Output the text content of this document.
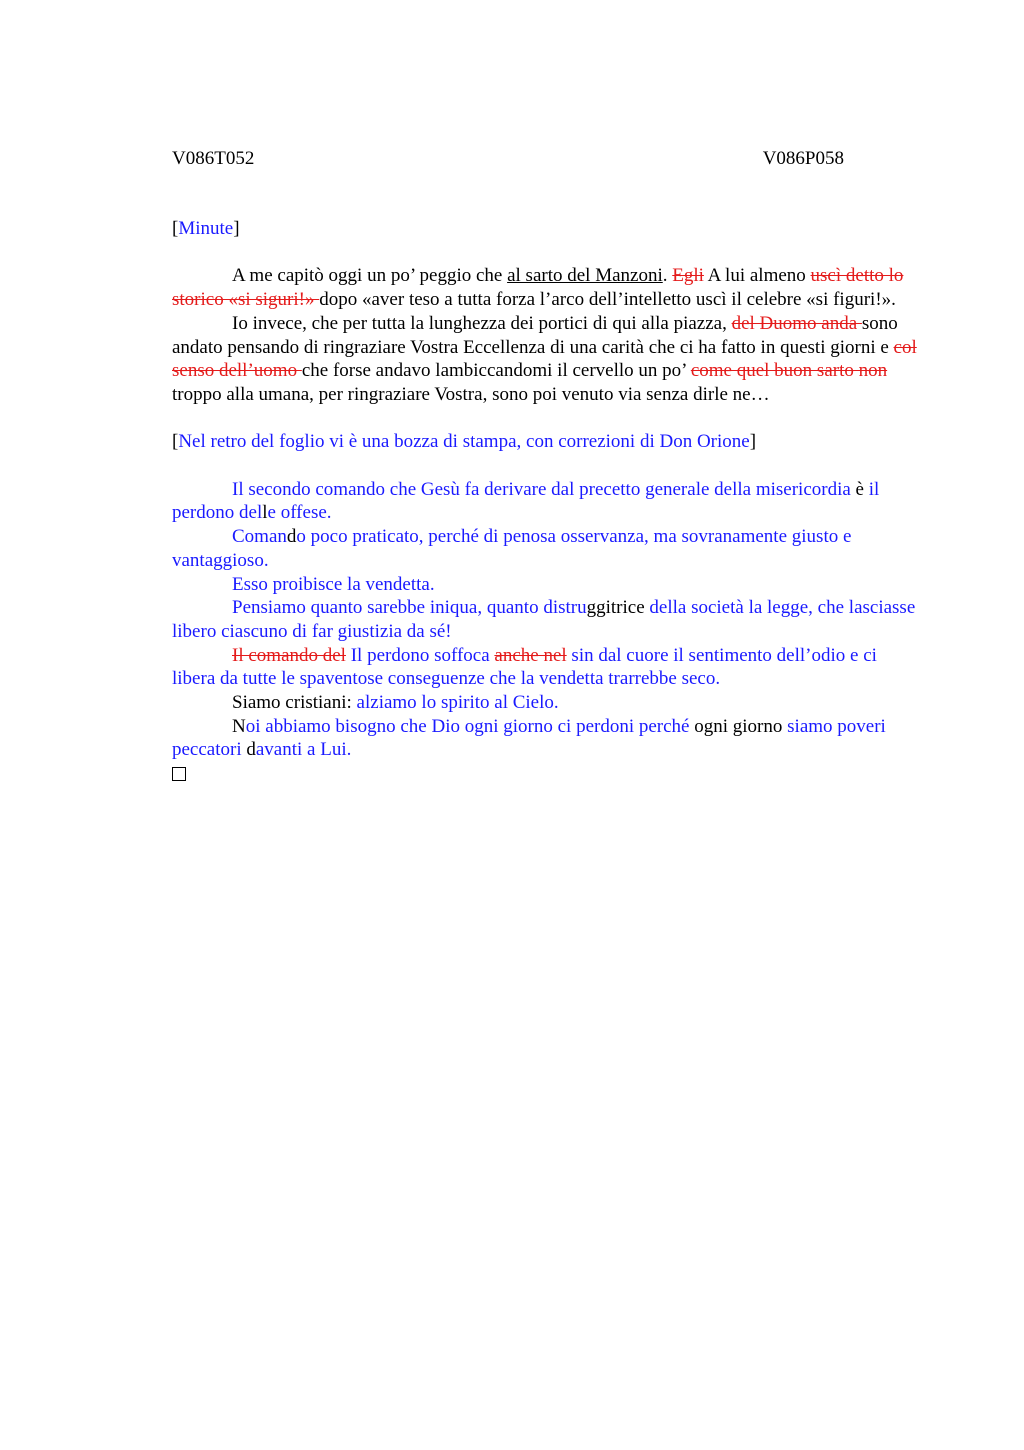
V086T052	V086P058

[Minute]

A me capitò oggi un po’ peggio che al sarto del Manzoni. Egli A lui almeno uscì detto lo storico «si siguri!» dopo «aver teso a tutta forza l’arco dell’intelletto uscì il celebre «si figuri!».

Io invece, che per tutta la lunghezza dei portici di qui alla piazza, del Duomo anda sono andato pensando di ringraziare Vostra Eccellenza di una carità che ci ha fatto in questi giorni e col senso dell’uomo che forse andavo lambiccandomi il cervello un po’ come quel buon sarto non troppo alla umana, per ringraziare Vostra, sono poi venuto via senza dirle ne…

[Nel retro del foglio vi è una bozza di stampa, con correzioni di Don Orione]

Il secondo comando che Gesù fa derivare dal precetto generale della misericordia è il perdono delle offese.

Comando poco praticato, perché di penosa osservanza, ma sovranamente giusto e vantaggioso.

Esso proibisce la vendetta.

Pensiamo quanto sarebbe iniqua, quanto distruggitrice della società la legge, che lasciasse libero ciascuno di far giustizia da sé!

Il comando del Il perdono soffoca anche nel sin dal cuore il sentimento dell’odio e ci libera da tutte le spaventose conseguenze che la vendetta trarrebbe seco.

Siamo cristiani: alziamo lo spirito al Cielo.

Noi abbiamo bisogno che Dio ogni giorno ci perdoni perché ogni giorno siamo poveri peccatori davanti a Lui.
